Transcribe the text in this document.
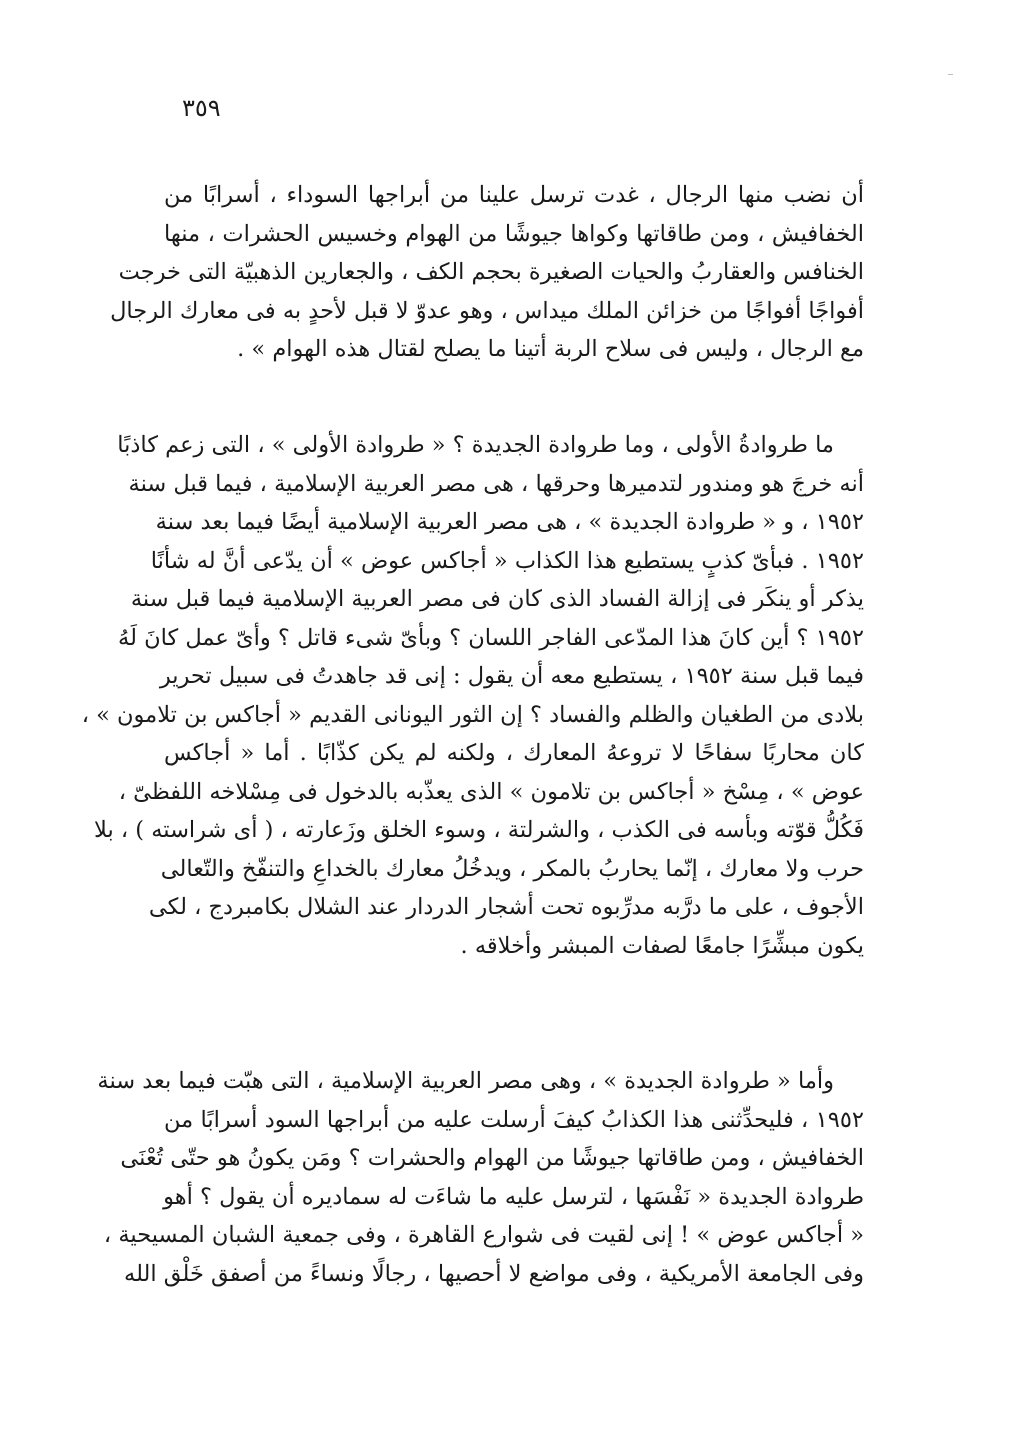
٣٥٩
أن نضب منها الرجال ، غدت ترسل علينا من أبراجها السوداء ، أسرابًا من
الخفافيش ، ومن طاقاتها وكواها جيوشًا من الهوام وخسيس الحشرات ، منها
الخنافس والعقاربُ والحيات الصغيرة بحجم الكف ، والجعارين الذهبيّة التى خرجت
أفواجًا أفواجًا من خزائن الملك ميداس ، وهو عدوّ لا قبل لأحدٍ به فى معارك الرجال
مع الرجال ، وليس فى سلاح الربة أتينا ما يصلح لقتال هذه الهوام » .
ما طروادةُ الأولى ، وما طروادة الجديدة ؟ « طروادة الأولى » ، التى زعم كاذبًا
أنه خرجَ هو ومندور لتدميرها وحرقها ، هى مصر العربية الإسلامية ، فيما قبل سنة
١٩٥٢ ، و « طروادة الجديدة » ، هى مصر العربية الإسلامية أيضًا فيما بعد سنة
١٩٥٢ . فبأىّ كذبٍ يستطيع هذا الكذاب « أجاكس عوض » أن يدّعى أنَّ له شأنًا
يذكر أو ينكَر فى إزالة الفساد الذى كان فى مصر العربية الإسلامية فيما قبل سنة
١٩٥٢ ؟ أين كانَ هذا المدّعى الفاجر اللسان ؟ وبأىّ شىء قاتل ؟ وأىّ عمل كانَ لَهُ
فيما قبل سنة ١٩٥٢ ، يستطيع معه أن يقول : إنى قد جاهدتُ فى سبيل تحرير
بلادى من الطغيان والظلم والفساد ؟ إن الثور اليونانى القديم « أجاكس بن تلامون » ،
كان محاربًا سفاحًا لا تروعهُ المعارك ، ولكنه لم يكن كذّابًا . أما « أجاكس
عوض » ، مِسْخ « أجاكس بن تلامون » الذى يعذّبه بالدخول فى مِسْلاخه اللفظىّ ،
فَكُلُّ قوّته وبأسه فى الكذب ، والشرلتة ، وسوء الخلق وزَعارته ، ( أى شراسته ) ، بلا
حرب ولا معارك ، إنّما يحاربُ بالمكر ، ويدخُلُ معارك بالخداعِ والتنفّخ والتّعالى
الأجوف ، على ما درَّبه مدرِّبوه تحت أشجار الدردار عند الشلال بكامبردج ، لكى
يكون مبشِّرًا جامعًا لصفات المبشر وأخلاقه .
وأما « طروادة الجديدة » ، وهى مصر العربية الإسلامية ، التى هبّت فيما بعد سنة
١٩٥٢ ، فليحدِّثنى هذا الكذابُ كيفَ أرسلت عليه من أبراجها السود أسرابًا من
الخفافيش ، ومن طاقاتها جيوشًا من الهوام والحشرات ؟ ومَن يكونُ هو حتّى تُعْنَى
طروادة الجديدة « نَفْسَها ، لترسل عليه ما شاءَت له سماديره أن يقول ؟ أهو
« أجاكس عوض » ! إنى لقيت فى شوارع القاهرة ، وفى جمعية الشبان المسيحية ،
وفى الجامعة الأمريكية ، وفى مواضع لا أحصيها ، رجالًا ونساءً من أصفق خَلْق الله
